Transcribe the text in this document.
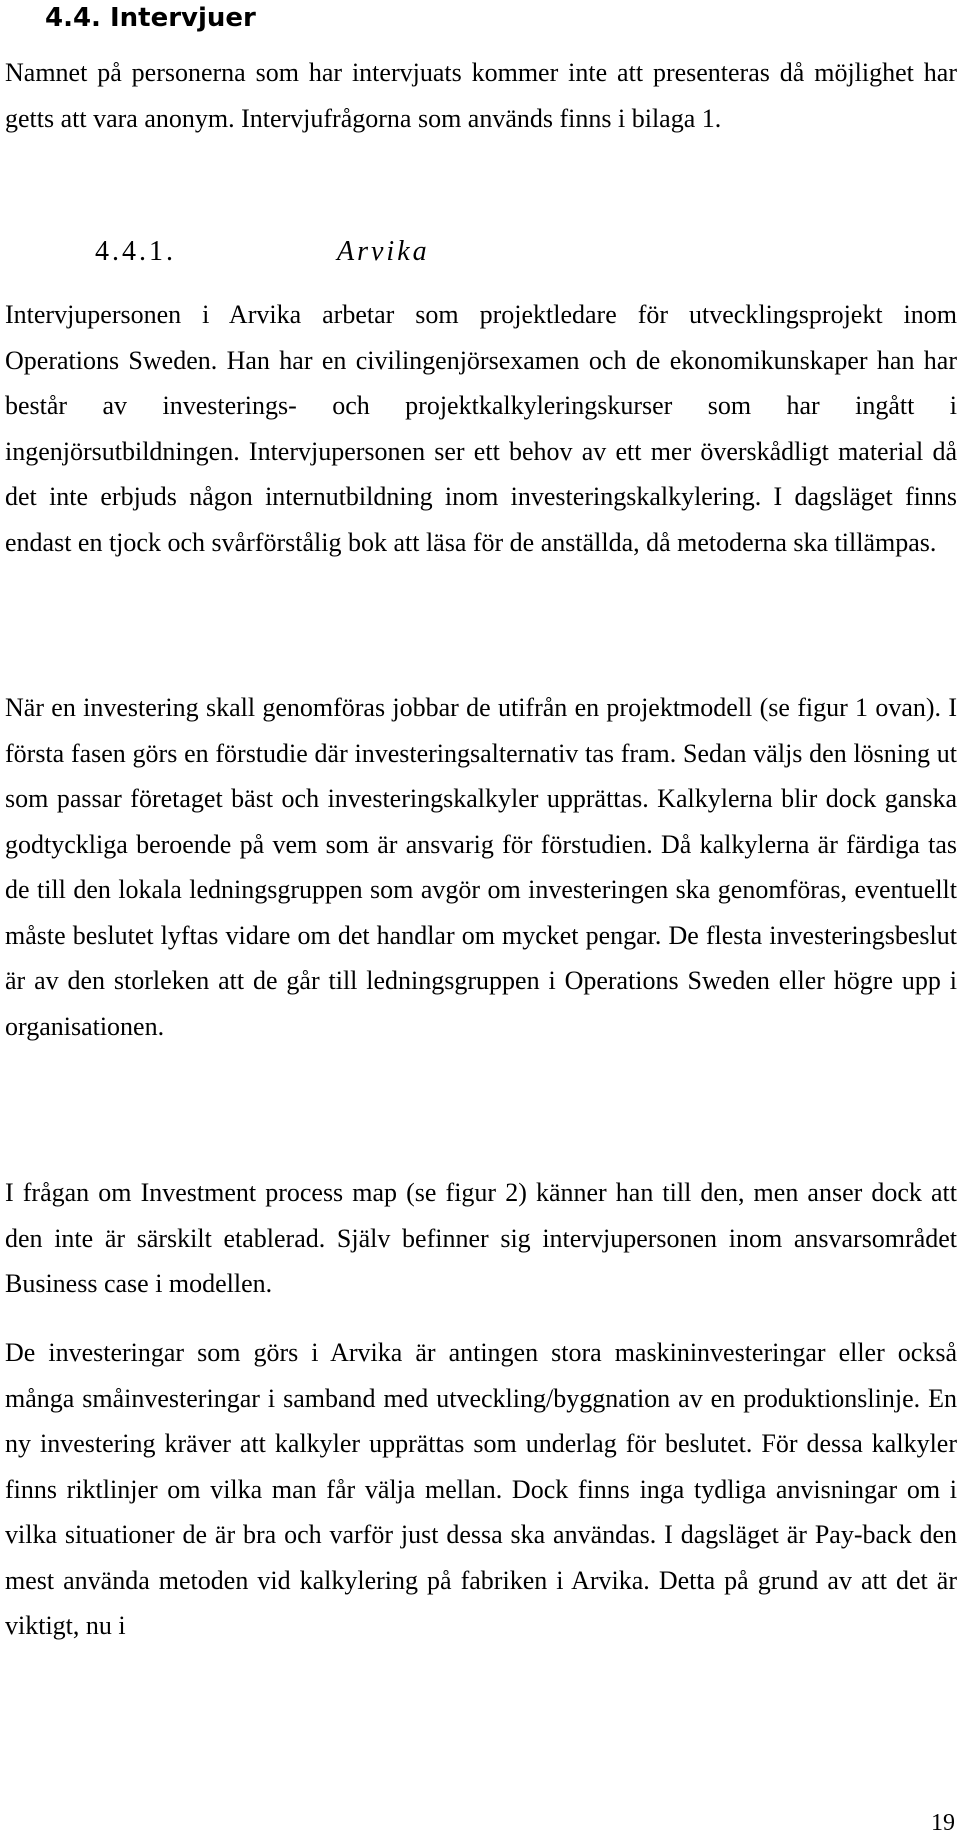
4.4. Intervjuer

Namnet på personerna som har intervjuats kommer inte att presenteras då möjlighet har getts att vara anonym. Intervjufrågorna som används finns i bilaga 1.

4.4.1.	Arvika

Intervjupersonen i Arvika arbetar som projektledare för utvecklingsprojekt inom Operations Sweden. Han har en civilingenjörsexamen och de ekonomikunskaper han har består av investerings- och projektkalkyleringskurser som har ingått i ingenjörsutbildningen. Intervjupersonen ser ett behov av ett mer överskådligt material då det inte erbjuds någon internutbildning inom investeringskalkylering. I dagsläget finns endast en tjock och svårförstålig bok att läsa för de anställda, då metoderna ska tillämpas.

När en investering skall genomföras jobbar de utifrån en projektmodell (se figur 1 ovan). I första fasen görs en förstudie där investeringsalternativ tas fram. Sedan väljs den lösning ut som passar företaget bäst och investeringskalkyler upprättas. Kalkylerna blir dock ganska godtyckliga beroende på vem som är ansvarig för förstudien. Då kalkylerna är färdiga tas de till den lokala ledningsgruppen som avgör om investeringen ska genomföras, eventuellt måste beslutet lyftas vidare om det handlar om mycket pengar. De flesta investeringsbeslut är av den storleken att de går till ledningsgruppen i Operations Sweden eller högre upp i organisationen.

I frågan om Investment process map (se figur 2) känner han till den, men anser dock att den inte är särskilt etablerad. Själv befinner sig intervjupersonen inom ansvarsområdet Business case i modellen.

De investeringar som görs i Arvika är antingen stora maskininvesteringar eller också många småinvesteringar i samband med utveckling/byggnation av en produktionslinje. En ny investering kräver att kalkyler upprättas som underlag för beslutet. För dessa kalkyler finns riktlinjer om vilka man får välja mellan. Dock finns inga tydliga anvisningar om i vilka situationer de är bra och varför just dessa ska användas. I dagsläget är Pay-back den mest använda metoden vid kalkylering på fabriken i Arvika. Detta på grund av att det är viktigt, nu i

19
